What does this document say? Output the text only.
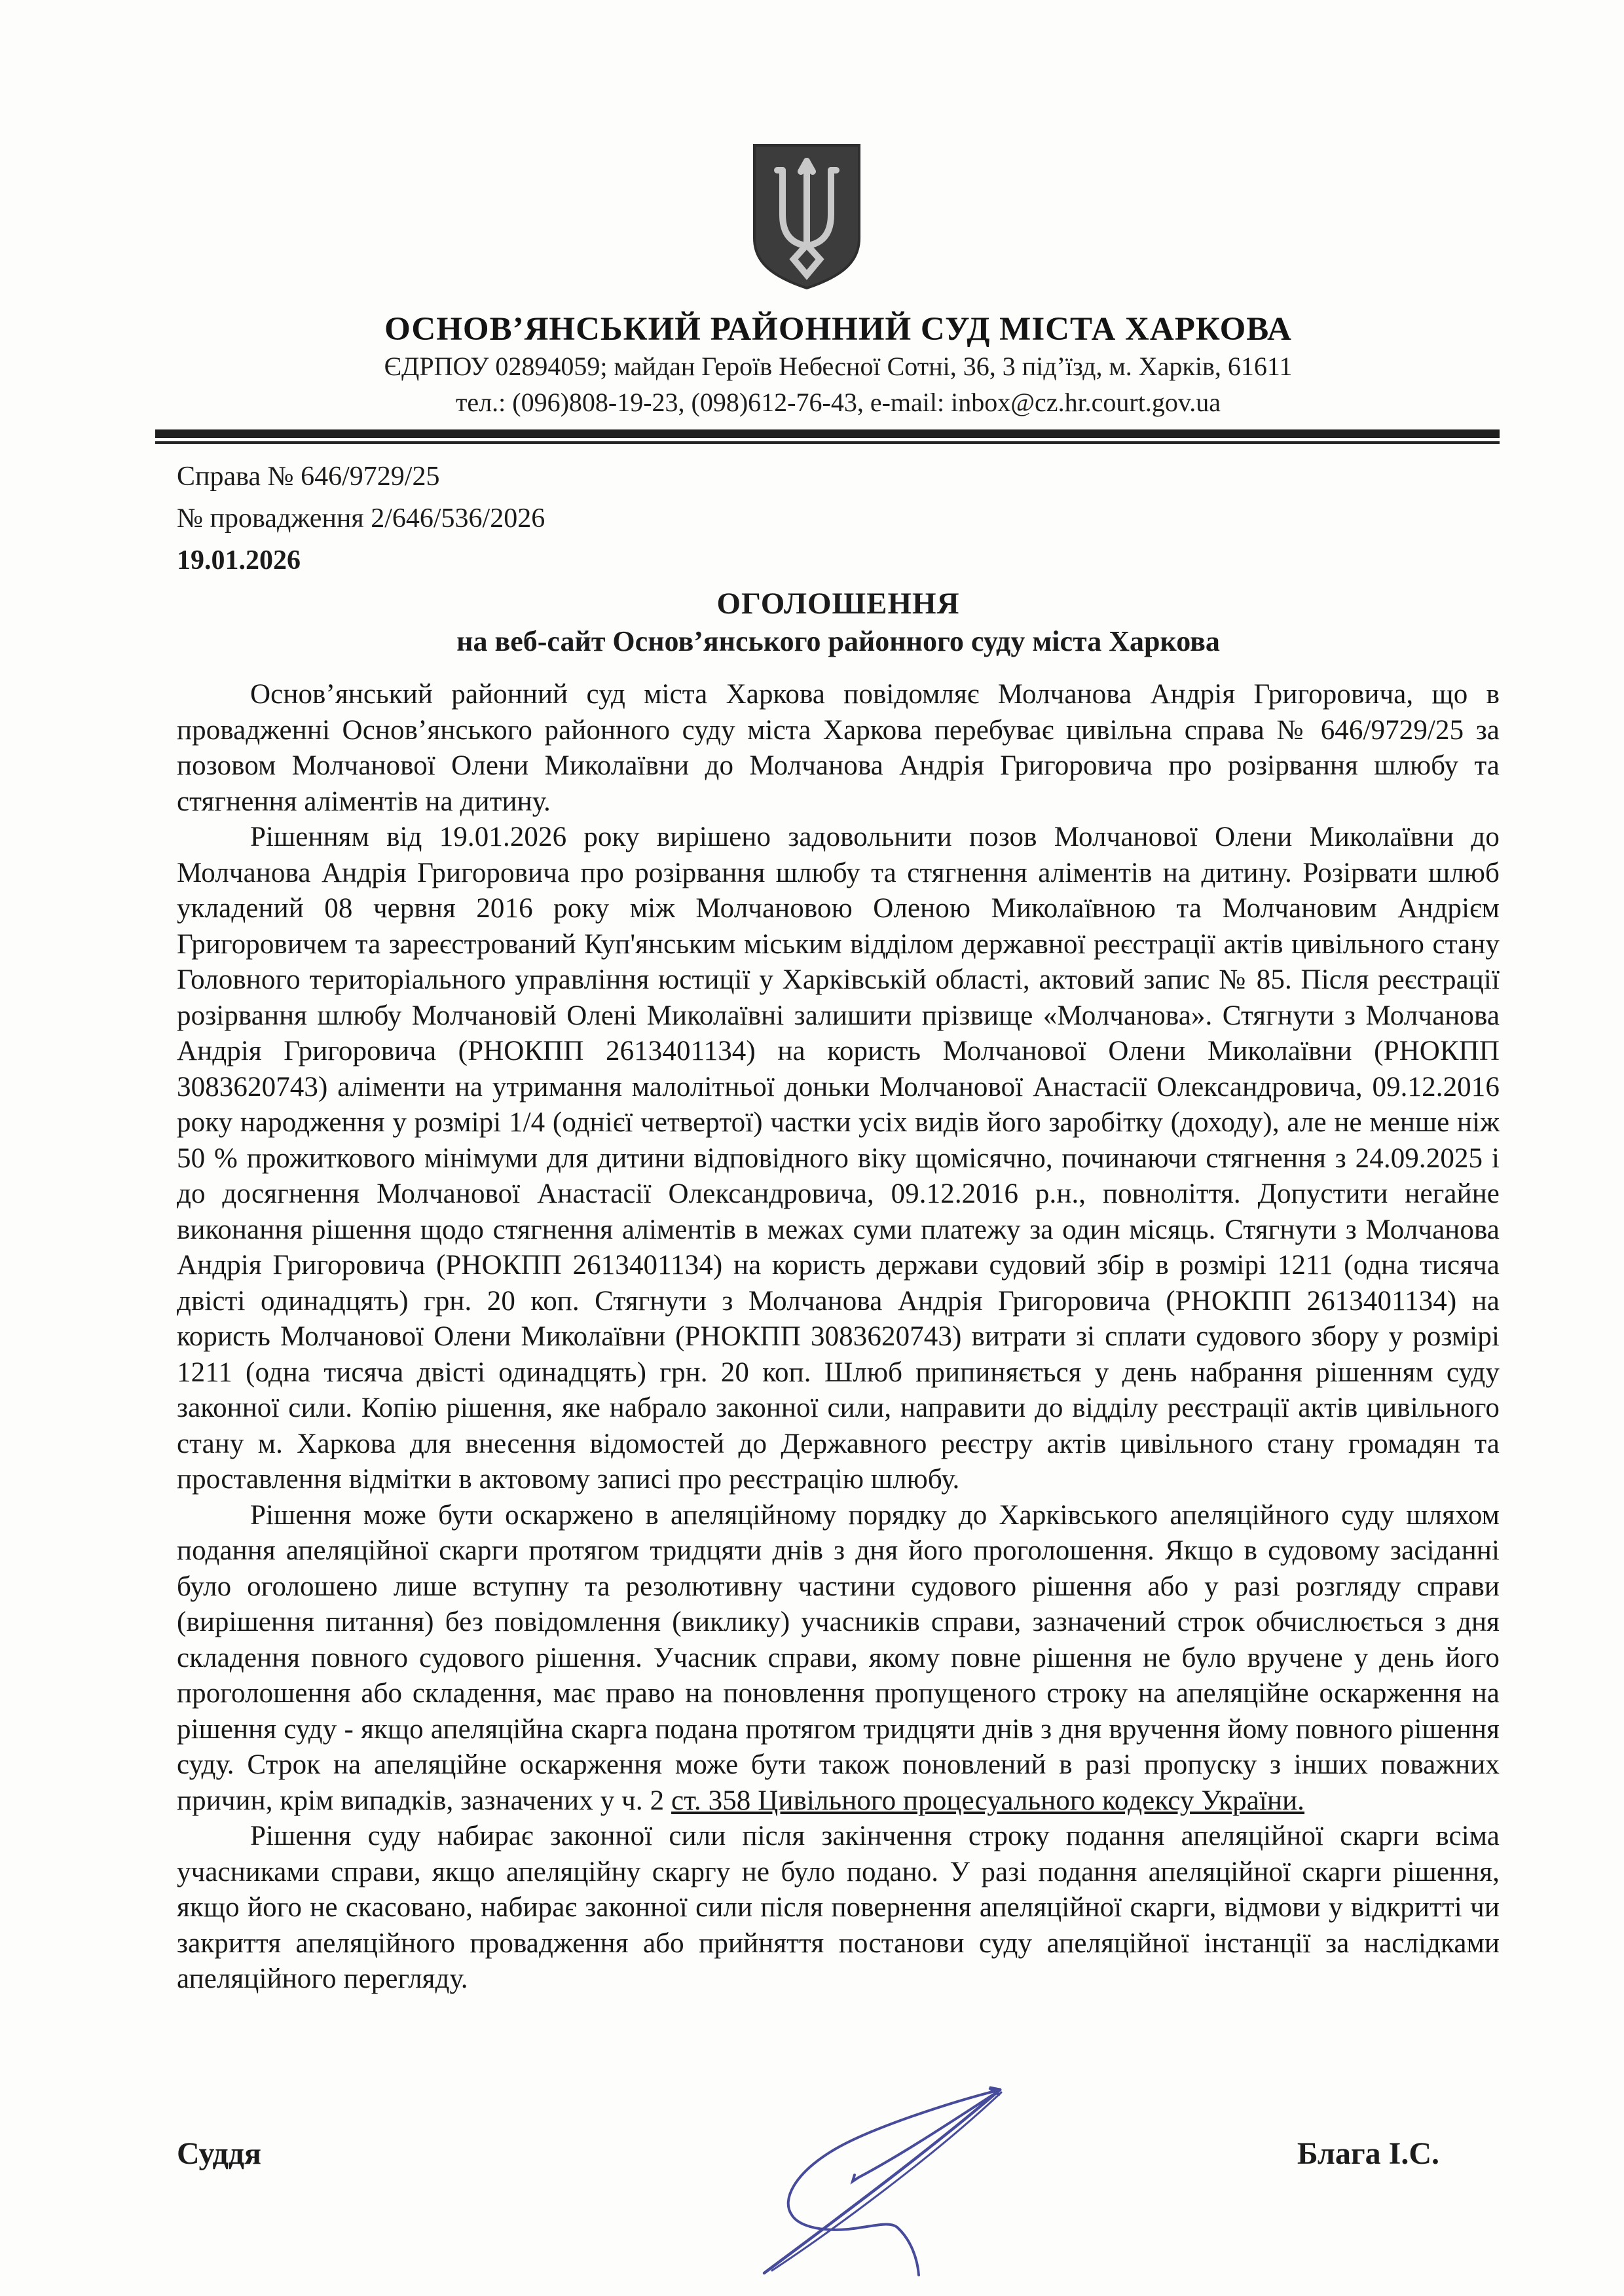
ОСНОВ’ЯНСЬКИЙ РАЙОННИЙ СУД МІСТА ХАРКОВА
ЄДРПОУ 02894059; майдан Героїв Небесної Сотні, 36, 3 під’їзд, м. Харків, 61611
тел.: (096)808-19-23, (098)612-76-43, e-mail: inbox@cz.hr.court.gov.ua
Справа № 646/9729/25
№ провадження 2/646/536/2026
19.01.2026
ОГОЛОШЕННЯ
на веб-сайт Основ’янського районного суду міста Харкова

Основ’янський районний суд міста Харкова повідомляє Молчанова Андрія Григоровича, що в провадженні Основ’янського районного суду міста Харкова перебуває цивільна справа № 646/9729/25 за позовом Молчанової Олени Миколаївни до Молчанова Андрія Григоровича про розірвання шлюбу та стягнення аліментів на дитину.

Рішенням від 19.01.2026 року вирішено задовольнити позов Молчанової Олени Миколаївни до Молчанова Андрія Григоровича про розірвання шлюбу та стягнення аліментів на дитину. Розірвати шлюб укладений 08 червня 2016 року між Молчановою Оленою Миколаївною та Молчановим Андрієм Григоровичем та зареєстрований Куп'янським міським відділом державної реєстрації актів цивільного стану Головного територіального управління юстиції у Харківській області, актовий запис № 85. Після реєстрації розірвання шлюбу Молчановій Олені Миколаївні залишити прізвище «Молчанова». Стягнути з Молчанова Андрія Григоровича (РНОКПП 2613401134) на користь Молчанової Олени Миколаївни (РНОКПП 3083620743) аліменти на утримання малолітньої доньки Молчанової Анастасії Олександровича, 09.12.2016 року народження у розмірі 1/4 (однієї четвертої) частки усіх видів його заробітку (доходу), але не менше ніж 50 % прожиткового мінімуми для дитини відповідного віку щомісячно, починаючи стягнення з 24.09.2025 і до досягнення Молчанової Анастасії Олександровича, 09.12.2016 р.н., повноліття. Допустити негайне виконання рішення щодо стягнення аліментів в межах суми платежу за один місяць. Стягнути з Молчанова Андрія Григоровича (РНОКПП 2613401134) на користь держави судовий збір в розмірі 1211 (одна тисяча двісті одинадцять) грн. 20 коп. Стягнути з Молчанова Андрія Григоровича (РНОКПП 2613401134) на користь Молчанової Олени Миколаївни (РНОКПП 3083620743) витрати зі сплати судового збору у розмірі 1211 (одна тисяча двісті одинадцять) грн. 20 коп. Шлюб припиняється у день набрання рішенням суду законної сили. Копію рішення, яке набрало законної сили, направити до відділу реєстрації актів цивільного стану м. Харкова для внесення відомостей до Державного реєстру актів цивільного стану громадян та проставлення відмітки в актовому записі про реєстрацію шлюбу.

Рішення може бути оскаржено в апеляційному порядку до Харківського апеляційного суду шляхом подання апеляційної скарги протягом тридцяти днів з дня його проголошення. Якщо в судовому засіданні було оголошено лише вступну та резолютивну частини судового рішення або у разі розгляду справи (вирішення питання) без повідомлення (виклику) учасників справи, зазначений строк обчислюється з дня складення повного судового рішення. Учасник справи, якому повне рішення не було вручене у день його проголошення або складення, має право на поновлення пропущеного строку на апеляційне оскарження на рішення суду - якщо апеляційна скарга подана протягом тридцяти днів з дня вручення йому повного рішення суду. Строк на апеляційне оскарження може бути також поновлений в разі пропуску з інших поважних причин, крім випадків, зазначених у ч. 2 ст. 358 Цивільного процесуального кодексу України.

Рішення суду набирає законної сили після закінчення строку подання апеляційної скарги всіма учасниками справи, якщо апеляційну скаргу не було подано. У разі подання апеляційної скарги рішення, якщо його не скасовано, набирає законної сили після повернення апеляційної скарги, відмови у відкритті чи закриття апеляційного провадження або прийняття постанови суду апеляційної інстанції за наслідками апеляційного перегляду.

Суддя	Блага І.С.
